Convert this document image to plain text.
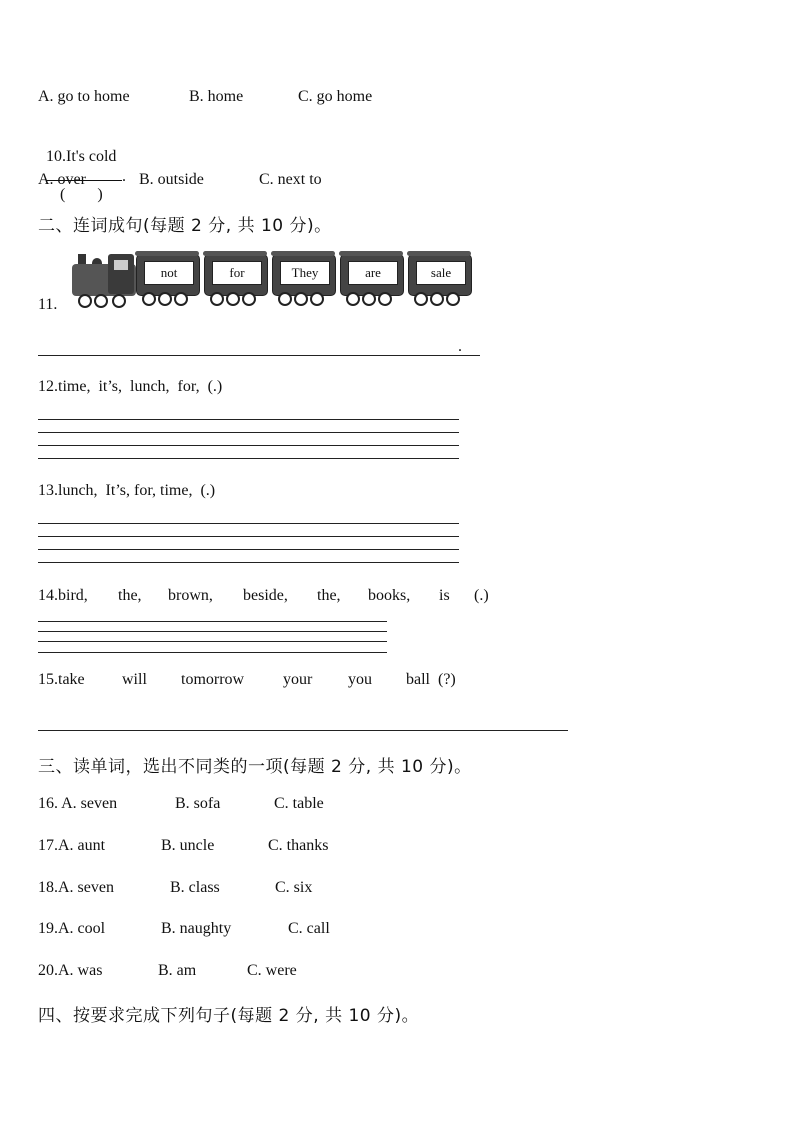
A. go to home	B. home	C. go home

10.It's cold
.
(        )

A. over	B. outside	C. next to
二、连词成句(每题 2 分, 共 10 分)。
11.
not	for	They	are	sale
.
12.time,  it’s,  lunch,  for,  (.)
13.lunch,  It’s, for, time,  (.)
14.bird, the, brown, beside, the, books, is (.)
15.take will tomorrow your you ball  (?)
三、读单词，选出不同类的一项(每题 2 分, 共 10 分)。
16. A. seven	B. sofa	C. table
17.A. aunt	B. uncle	C. thanks
18.A. seven	B. class	C. six
19.A. cool	B. naughty	C. call
20.A. was	B. am	C. were
四、按要求完成下列句子(每题 2 分, 共 10 分)。
